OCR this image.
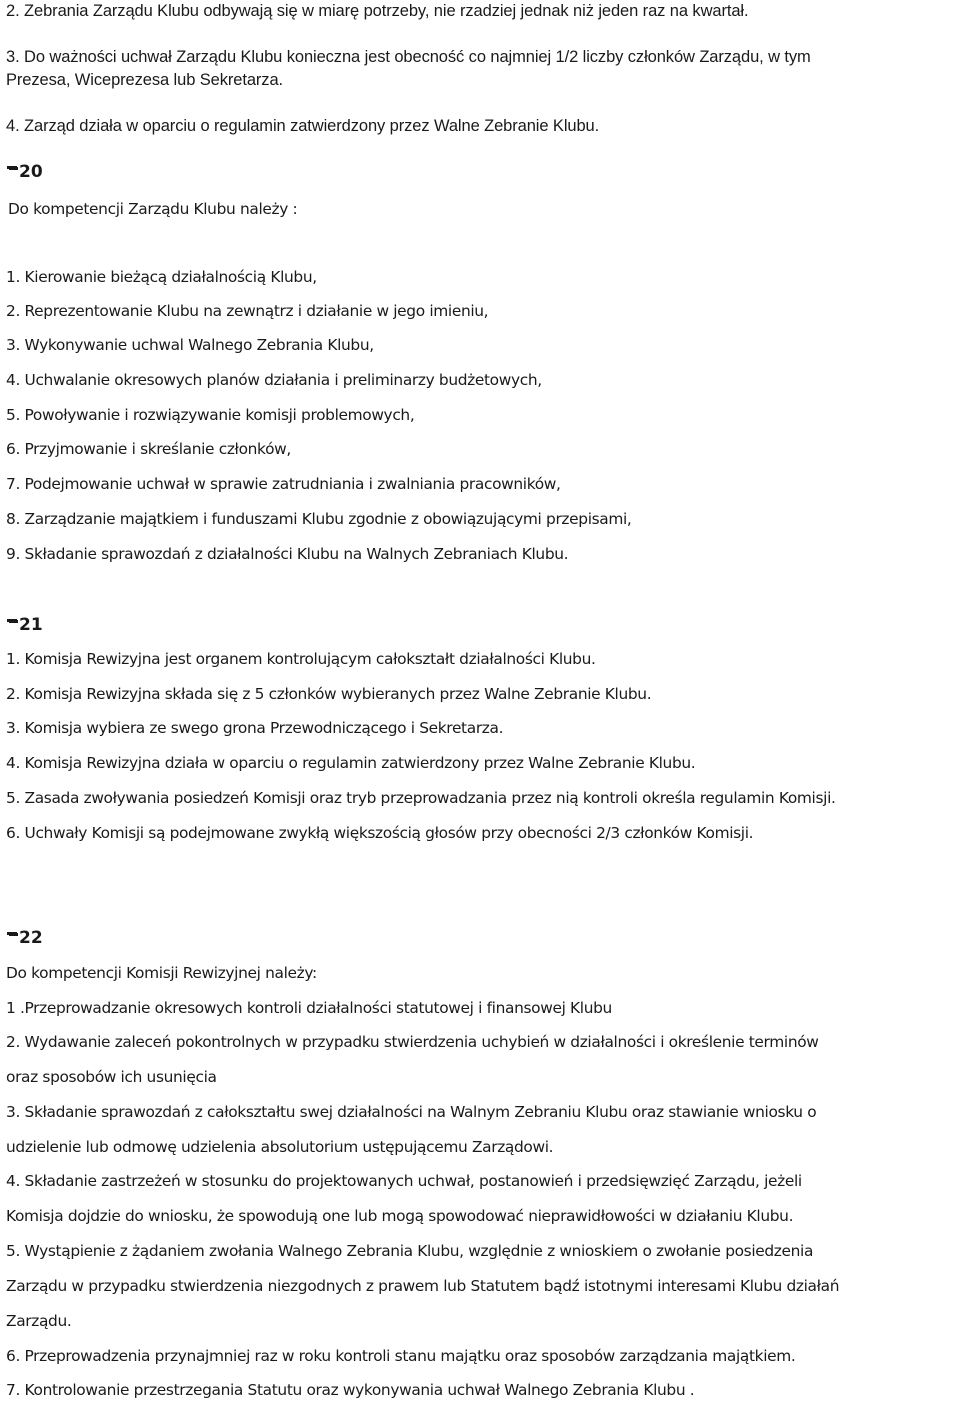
2. Zebrania Zarządu Klubu odbywają się w miarę potrzeby, nie rzadziej jednak niż jeden raz na kwartał.
3. Do ważności uchwał Zarządu Klubu konieczna jest obecność co najmniej 1/2 liczby członków Zarządu, w tym
Prezesa, Wiceprezesa lub Sekretarza.
4. Zarząd działa w oparciu o regulamin zatwierdzony przez Walne Zebranie Klubu.
20
Do kompetencji Zarządu Klubu należy :
1. Kierowanie bieżącą działalnością Klubu,
2. Reprezentowanie Klubu na zewnątrz i działanie w jego imieniu,
3. Wykonywanie uchwal Walnego Zebrania Klubu,
4. Uchwalanie okresowych planów działania i preliminarzy budżetowych,
5. Powoływanie i rozwiązywanie komisji problemowych,
6. Przyjmowanie i skreślanie członków,
7. Podejmowanie uchwał w sprawie zatrudniania i zwalniania pracowników,
8. Zarządzanie majątkiem i funduszami Klubu zgodnie z obowiązującymi przepisami,
9. Składanie sprawozdań z działalności Klubu na Walnych Zebraniach Klubu.
21
1. Komisja Rewizyjna jest organem kontrolującym całokształt działalności Klubu.
2. Komisja Rewizyjna składa się z 5 członków wybieranych przez Walne Zebranie Klubu.
3. Komisja wybiera ze swego grona Przewodniczącego i Sekretarza.
4. Komisja Rewizyjna działa w oparciu o regulamin zatwierdzony przez Walne Zebranie Klubu.
5. Zasada zwoływania posiedzeń Komisji oraz tryb przeprowadzania przez nią kontroli określa regulamin Komisji.
6. Uchwały Komisji są podejmowane zwykłą większością głosów przy obecności 2/3 członków Komisji.
22
Do kompetencji Komisji Rewizyjnej należy:
1 .Przeprowadzanie okresowych kontroli działalności statutowej i finansowej Klubu
2. Wydawanie zaleceń pokontrolnych w przypadku stwierdzenia uchybień w działalności i określenie terminów
oraz sposobów ich usunięcia
3. Składanie sprawozdań z całokształtu swej działalności na Walnym Zebraniu Klubu oraz stawianie wniosku o
udzielenie lub odmowę udzielenia absolutorium ustępującemu Zarządowi.
4. Składanie zastrzeżeń w stosunku do projektowanych uchwał, postanowień i przedsięwzięć Zarządu, jeżeli
Komisja dojdzie do wniosku, że spowodują one lub mogą spowodować nieprawidłowości w działaniu Klubu.
5. Wystąpienie z żądaniem zwołania Walnego Zebrania Klubu, względnie z wnioskiem o zwołanie posiedzenia
Zarządu w przypadku stwierdzenia niezgodnych z prawem lub Statutem bądź istotnymi interesami Klubu działań
Zarządu.
6. Przeprowadzenia przynajmniej raz w roku kontroli stanu majątku oraz sposobów zarządzania majątkiem.
7. Kontrolowanie przestrzegania Statutu oraz wykonywania uchwał Walnego Zebrania Klubu .
